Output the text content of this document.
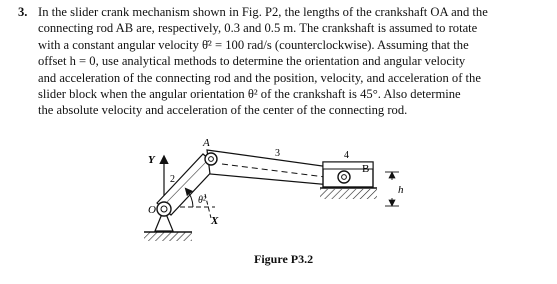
3. In the slider crank mechanism shown in Fig. P2, the lengths of the crankshaft OA and the
connecting rod AB are, respectively, 0.3 and 0.5 m. The crankshaft is assumed to rotate
with a constant angular velocity θ̇² = 100 rad/s (counterclockwise). Assuming that the
offset h = 0, use analytical methods to determine the orientation and angular velocity
and acceleration of the connecting rod and the position, velocity, and acceleration of the
slider block when the angular orientation θ² of the crankshaft is 45°. Also determine
the absolute velocity and acceleration of the center of the connecting rod.
Y
X
2
3	4
B
O
A
θ²
h
Figure P3.2
